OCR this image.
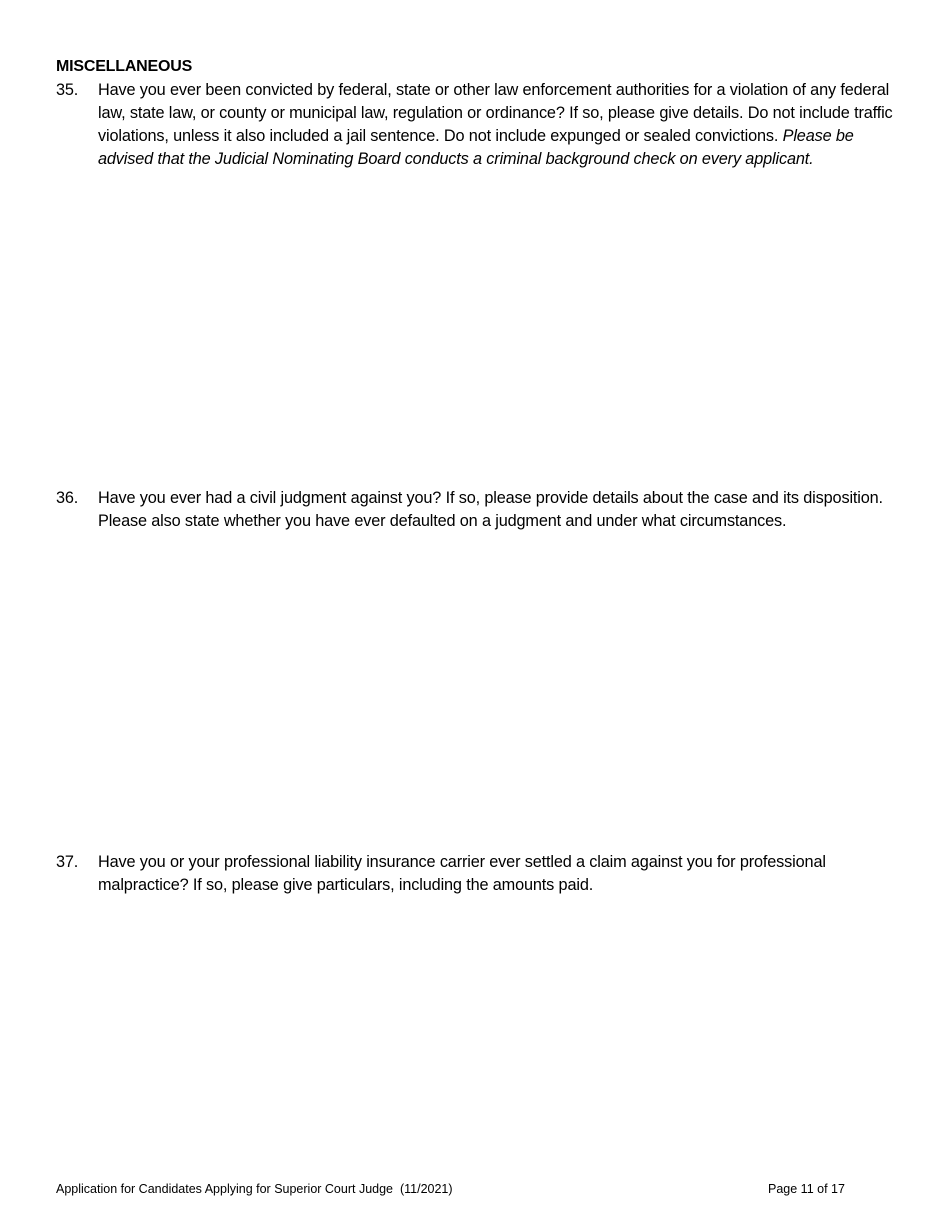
MISCELLANEOUS
35. Have you ever been convicted by federal, state or other law enforcement authorities for a violation of any federal law, state law, or county or municipal law, regulation or ordinance? If so, please give details. Do not include traffic violations, unless it also included a jail sentence. Do not include expunged or sealed convictions. Please be advised that the Judicial Nominating Board conducts a criminal background check on every applicant.
36. Have you ever had a civil judgment against you? If so, please provide details about the case and its disposition. Please also state whether you have ever defaulted on a judgment and under what circumstances.
37. Have you or your professional liability insurance carrier ever settled a claim against you for professional malpractice? If so, please give particulars, including the amounts paid.
Application for Candidates Applying for Superior Court Judge  (11/2021)	Page 11 of 17
